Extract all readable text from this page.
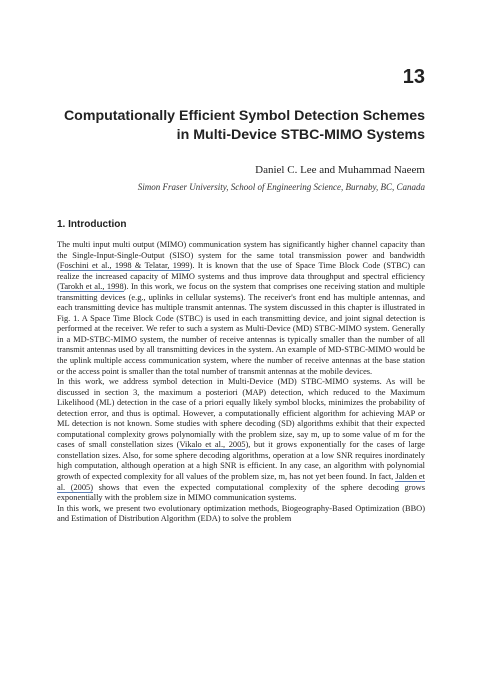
13
Computationally Efficient Symbol Detection Schemes in Multi-Device STBC-MIMO Systems
Daniel C. Lee and Muhammad Naeem
Simon Fraser University, School of Engineering Science, Burnaby, BC, Canada
1. Introduction

The multi input multi output (MIMO) communication system has significantly higher channel capacity than the Single-Input-Single-Output (SISO) system for the same total transmission power and bandwidth (Foschini et al., 1998 & Telatar, 1999). It is known that the use of Space Time Block Code (STBC) can realize the increased capacity of MIMO systems and thus improve data throughput and spectral efficiency (Tarokh et al., 1998). In this work, we focus on the system that comprises one receiving station and multiple transmitting devices (e.g., uplinks in cellular systems). The receiver's front end has multiple antennas, and each transmitting device has multiple transmit antennas. The system discussed in this chapter is illustrated in Fig. 1. A Space Time Block Code (STBC) is used in each transmitting device, and joint signal detection is performed at the receiver. We refer to such a system as Multi-Device (MD) STBC-MIMO system. Generally in a MD-STBC-MIMO system, the number of receive antennas is typically smaller than the number of all transmit antennas used by all transmitting devices in the system. An example of MD-STBC-MIMO would be the uplink multiple access communication system, where the number of receive antennas at the base station or the access point is smaller than the total number of transmit antennas at the mobile devices.

In this work, we address symbol detection in Multi-Device (MD) STBC-MIMO systems. As will be discussed in section 3, the maximum a posteriori (MAP) detection, which reduced to the Maximum Likelihood (ML) detection in the case of a priori equally likely symbol blocks, minimizes the probability of detection error, and thus is optimal. However, a computationally efficient algorithm for achieving MAP or ML detection is not known. Some studies with sphere decoding (SD) algorithms exhibit that their expected computational complexity grows polynomially with the problem size, say m, up to some value of m for the cases of small constellation sizes (Vikalo et al., 2005), but it grows exponentially for the cases of large constellation sizes. Also, for some sphere decoding algorithms, operation at a low SNR requires inordinately high computation, although operation at a high SNR is efficient. In any case, an algorithm with polynomial growth of expected complexity for all values of the problem size, m, has not yet been found. In fact, Jalden et al. (2005) shows that even the expected computational complexity of the sphere decoding grows exponentially with the problem size in MIMO communication systems.

In this work, we present two evolutionary optimization methods, Biogeography-Based Optimization (BBO) and Estimation of Distribution Algorithm (EDA) to solve the problem
